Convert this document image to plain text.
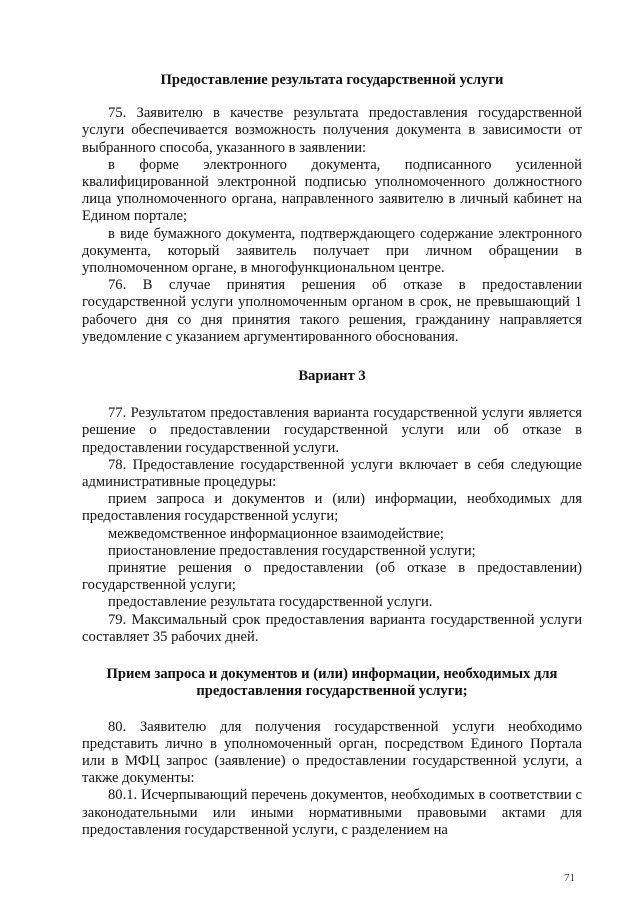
Предоставление результата государственной услуги

75. Заявителю в качестве результата предоставления государственной услуги обеспечивается возможность получения документа в зависимости от выбранного способа, указанного в заявлении:

в форме электронного документа, подписанного усиленной квалифицированной электронной подписью уполномоченного должностного лица уполномоченного органа, направленного заявителю в личный кабинет на Едином портале;

в виде бумажного документа, подтверждающего содержание электронного документа, который заявитель получает при личном обращении в уполномоченном органе, в многофункциональном центре.

76. В случае принятия решения об отказе в предоставлении государственной услуги уполномоченным органом в срок, не превышающий 1 рабочего дня со дня принятия такого решения, гражданину направляется уведомление с указанием аргументированного обоснования.

Вариант 3

77. Результатом предоставления варианта государственной услуги является решение о предоставлении государственной услуги или об отказе в предоставлении государственной услуги.

78. Предоставление государственной услуги включает в себя следующие административные процедуры:

прием запроса и документов и (или) информации, необходимых для предоставления государственной услуги;

межведомственное информационное взаимодействие;

приостановление предоставления государственной услуги;

принятие решения о предоставлении (об отказе в предоставлении) государственной услуги;

предоставление результата государственной услуги.

79. Максимальный срок предоставления варианта государственной услуги составляет 35 рабочих дней.

Прием запроса и документов и (или) информации, необходимых для предоставления государственной услуги;

80. Заявителю для получения государственной услуги необходимо представить лично в уполномоченный орган, посредством Единого Портала или в МФЦ запрос (заявление) о предоставлении государственной услуги, а также документы:

80.1. Исчерпывающий перечень документов, необходимых в соответствии с законодательными или иными нормативными правовыми актами для предоставления государственной услуги, с разделением на

71
